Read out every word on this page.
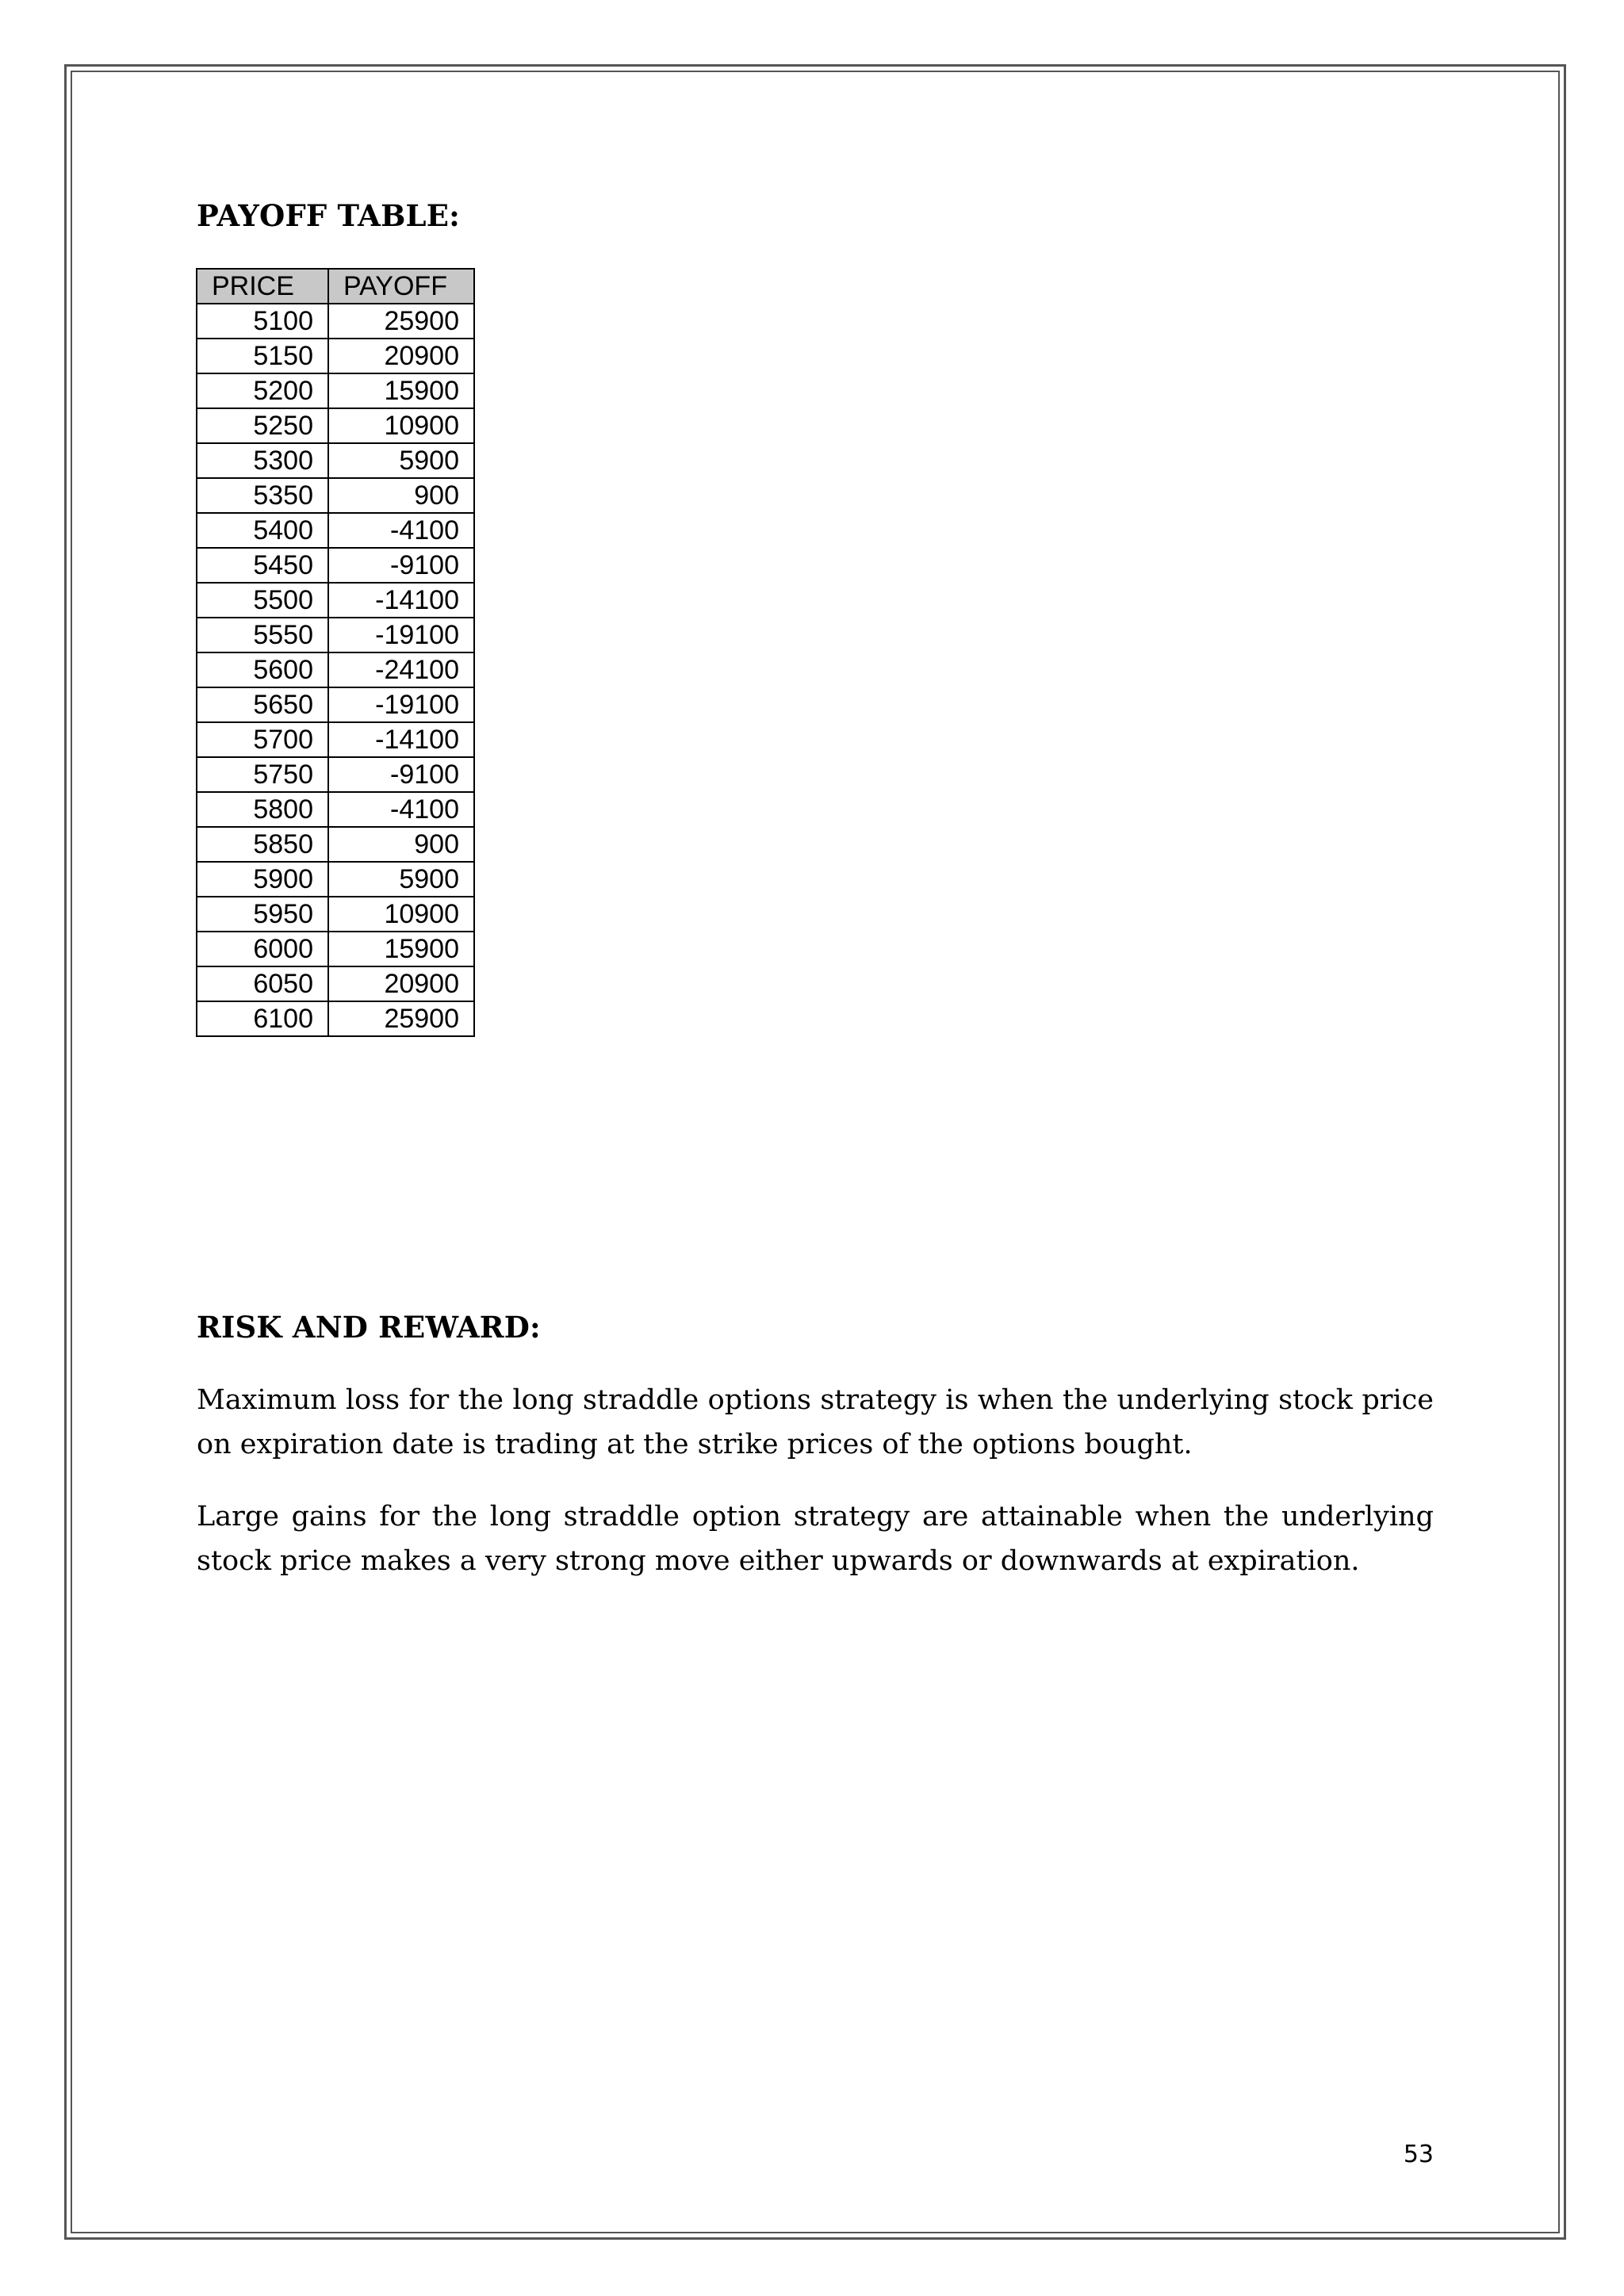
PAYOFF TABLE:
PRICE	PAYOFF
5100	25900
5150	20900
5200	15900
5250	10900
5300	5900
5350	900
5400	-4100
5450	-9100
5500	-14100
5550	-19100
5600	-24100
5650	-19100
5700	-14100
5750	-9100
5800	-4100
5850	900
5900	5900
5950	10900
6000	15900
6050	20900
6100	25900
RISK AND REWARD:

Maximum loss for the long straddle options strategy is when the underlying stock price on expiration date is trading at the strike prices of the options bought.

Large gains for the long straddle option strategy are attainable when the underlying stock price makes a very strong move either upwards or downwards at expiration.

53
